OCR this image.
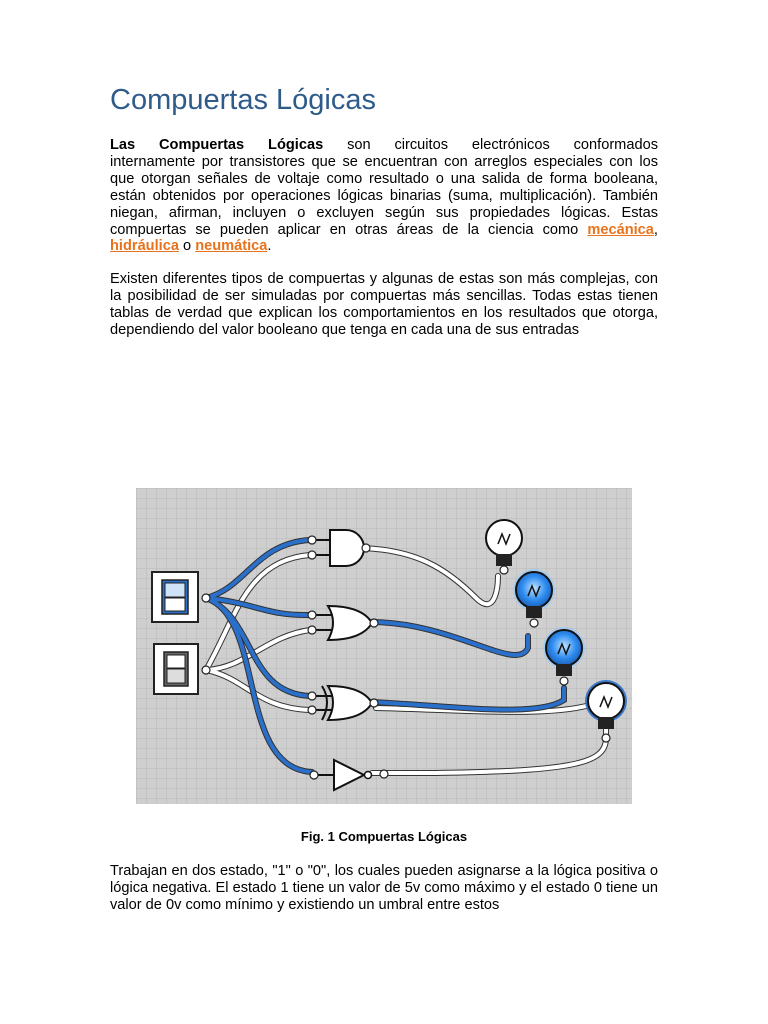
Compuertas Lógicas
Las Compuertas Lógicas son circuitos electrónicos conformados
internamente por transistores que se encuentran con arreglos especiales con los que otorgan señales de voltaje como resultado o una salida de forma booleana, están obtenidos por operaciones lógicas binarias (suma, multiplicación). También niegan, afirman, incluyen o excluyen según sus propiedades lógicas. Estas compuertas se pueden aplicar en otras áreas de la ciencia como mecánica, hidráulica o neumática.

Existen diferentes tipos de compuertas y algunas de estas son más complejas, con la posibilidad de ser simuladas por compuertas más sencillas. Todas estas tienen tablas de verdad que explican los comportamientos en los resultados que otorga, dependiendo del valor booleano que tenga en cada una de sus entradas

Fig. 1 Compuertas Lógicas

Trabajan en dos estado, "1" o "0", los cuales pueden asignarse a la lógica positiva o lógica negativa. El estado 1 tiene un valor de 5v como máximo y el estado 0 tiene un valor de 0v como mínimo y existiendo un umbral entre estos
